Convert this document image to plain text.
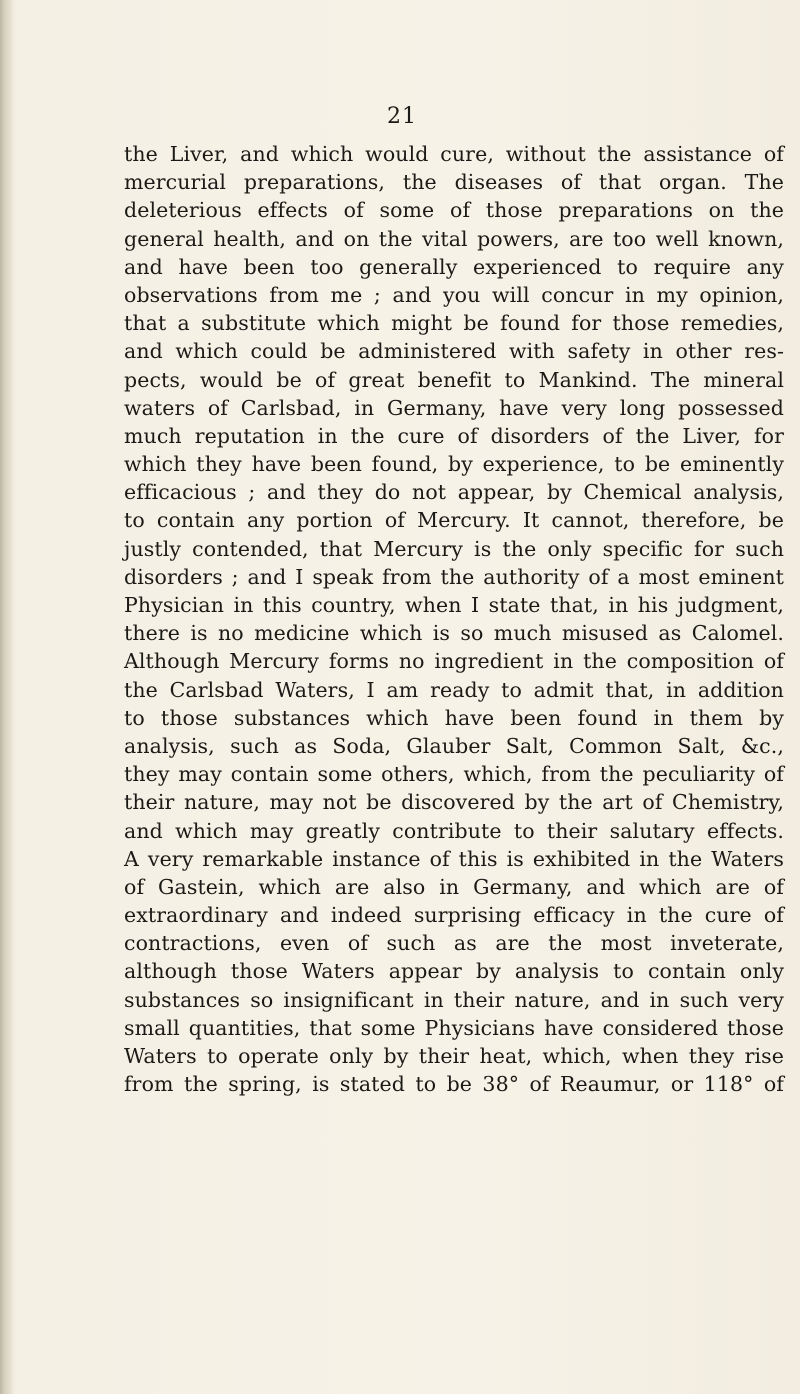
21
the Liver, and which would cure, without the assistance of
mercurial preparations, the diseases of that organ. The
deleterious effects of some of those preparations on the
general health, and on the vital powers, are too well known,
and have been too generally experienced to require any
observations from me ; and you will concur in my opinion,
that a substitute which might be found for those remedies,
and which could be administered with safety in other res-
pects, would be of great benefit to Mankind. The mineral
waters of Carlsbad, in Germany, have very long possessed
much reputation in the cure of disorders of the Liver, for
which they have been found, by experience, to be eminently
efficacious ; and they do not appear, by Chemical analysis,
to contain any portion of Mercury. It cannot, therefore, be
justly contended, that Mercury is the only specific for such
disorders ; and I speak from the authority of a most eminent
Physician in this country, when I state that, in his judgment,
there is no medicine which is so much misused as Calomel.
Although Mercury forms no ingredient in the composition of
the Carlsbad Waters, I am ready to admit that, in addition
to those substances which have been found in them by
analysis, such as Soda, Glauber Salt, Common Salt, &c.,
they may contain some others, which, from the peculiarity of
their nature, may not be discovered by the art of Chemistry,
and which may greatly contribute to their salutary effects.
A very remarkable instance of this is exhibited in the Waters
of Gastein, which are also in Germany, and which are of
extraordinary and indeed surprising efficacy in the cure of
contractions, even of such as are the most inveterate,
although those Waters appear by analysis to contain only
substances so insignificant in their nature, and in such very
small quantities, that some Physicians have considered those
Waters to operate only by their heat, which, when they rise
from the spring, is stated to be 38° of Reaumur, or 118° of
